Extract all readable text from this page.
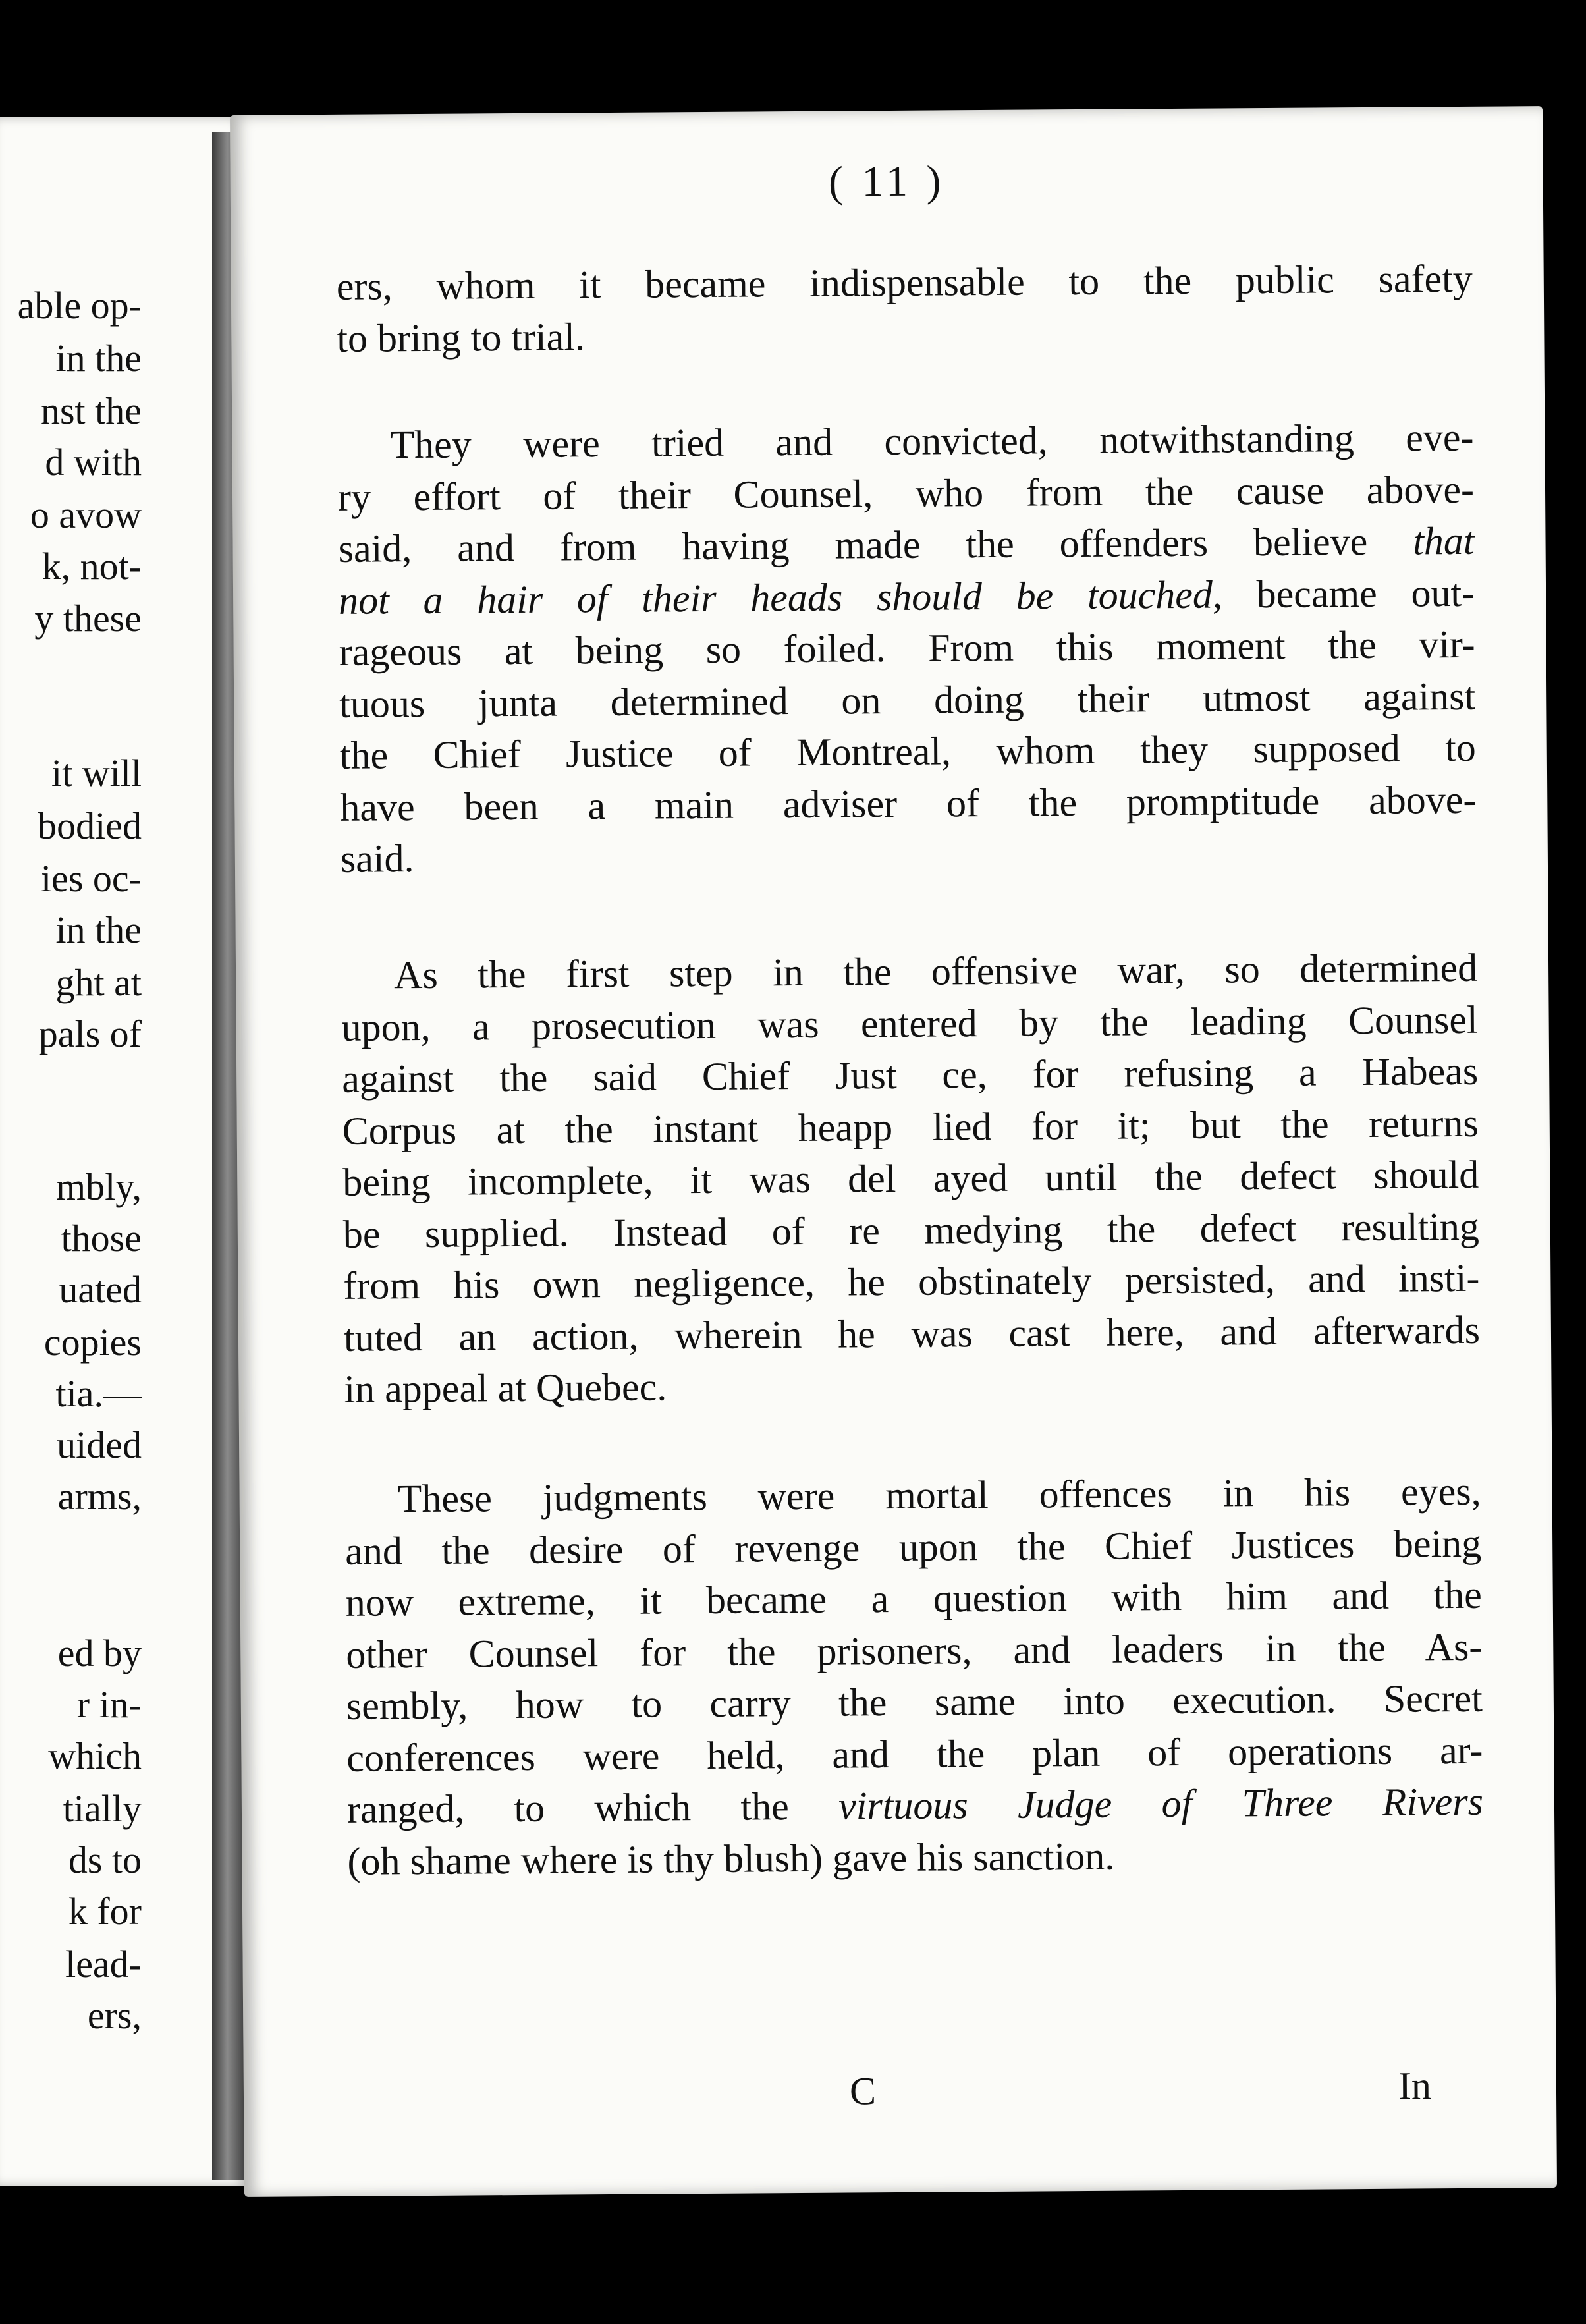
able op-
in the
nst the
d with
o avow
k, not-
y these
it will
bodied
ies oc-
in the
ght at
pals of
mbly,
those
uated
copies
tia.—
uided
arms,
ed by
r in-
which
tially
ds to
k for
lead-
ers,
( 11 )
ers, whom it became indispensable to the public safety
to bring to trial.
They were tried and convicted, notwithstanding eve-
ry effort of their Counsel, who from the cause above-
said, and from having made the offenders believe that
not a hair of their heads should be touched, became out-
rageous at being so foiled. From this moment the vir-
tuous junta determined on doing their utmost against
the Chief Justice of Montreal, whom they supposed to
have been a main adviser of the promptitude above-
said.
As the first step in the offensive war, so determined
upon, a prosecution was entered by the leading Counsel
against the said Chief Just ce, for refusing a Habeas
Corpus at the instant heapp lied for it; but the returns
being incomplete, it was del ayed until the defect should
be supplied. Instead of re medying the defect resulting
from his own negligence, he obstinately persisted, and insti-
tuted an action, wherein he was cast here, and afterwards
in appeal at Quebec.
These judgments were mortal offences in his eyes,
and the desire of revenge upon the Chief Justices being
now extreme, it became a question with him and the
other Counsel for the prisoners, and leaders in the As-
sembly, how to carry the same into execution. Secret
conferences were held, and the plan of operations ar-
ranged, to which the virtuous Judge of Three Rivers
(oh shame where is thy blush) gave his sanction.
C	In
